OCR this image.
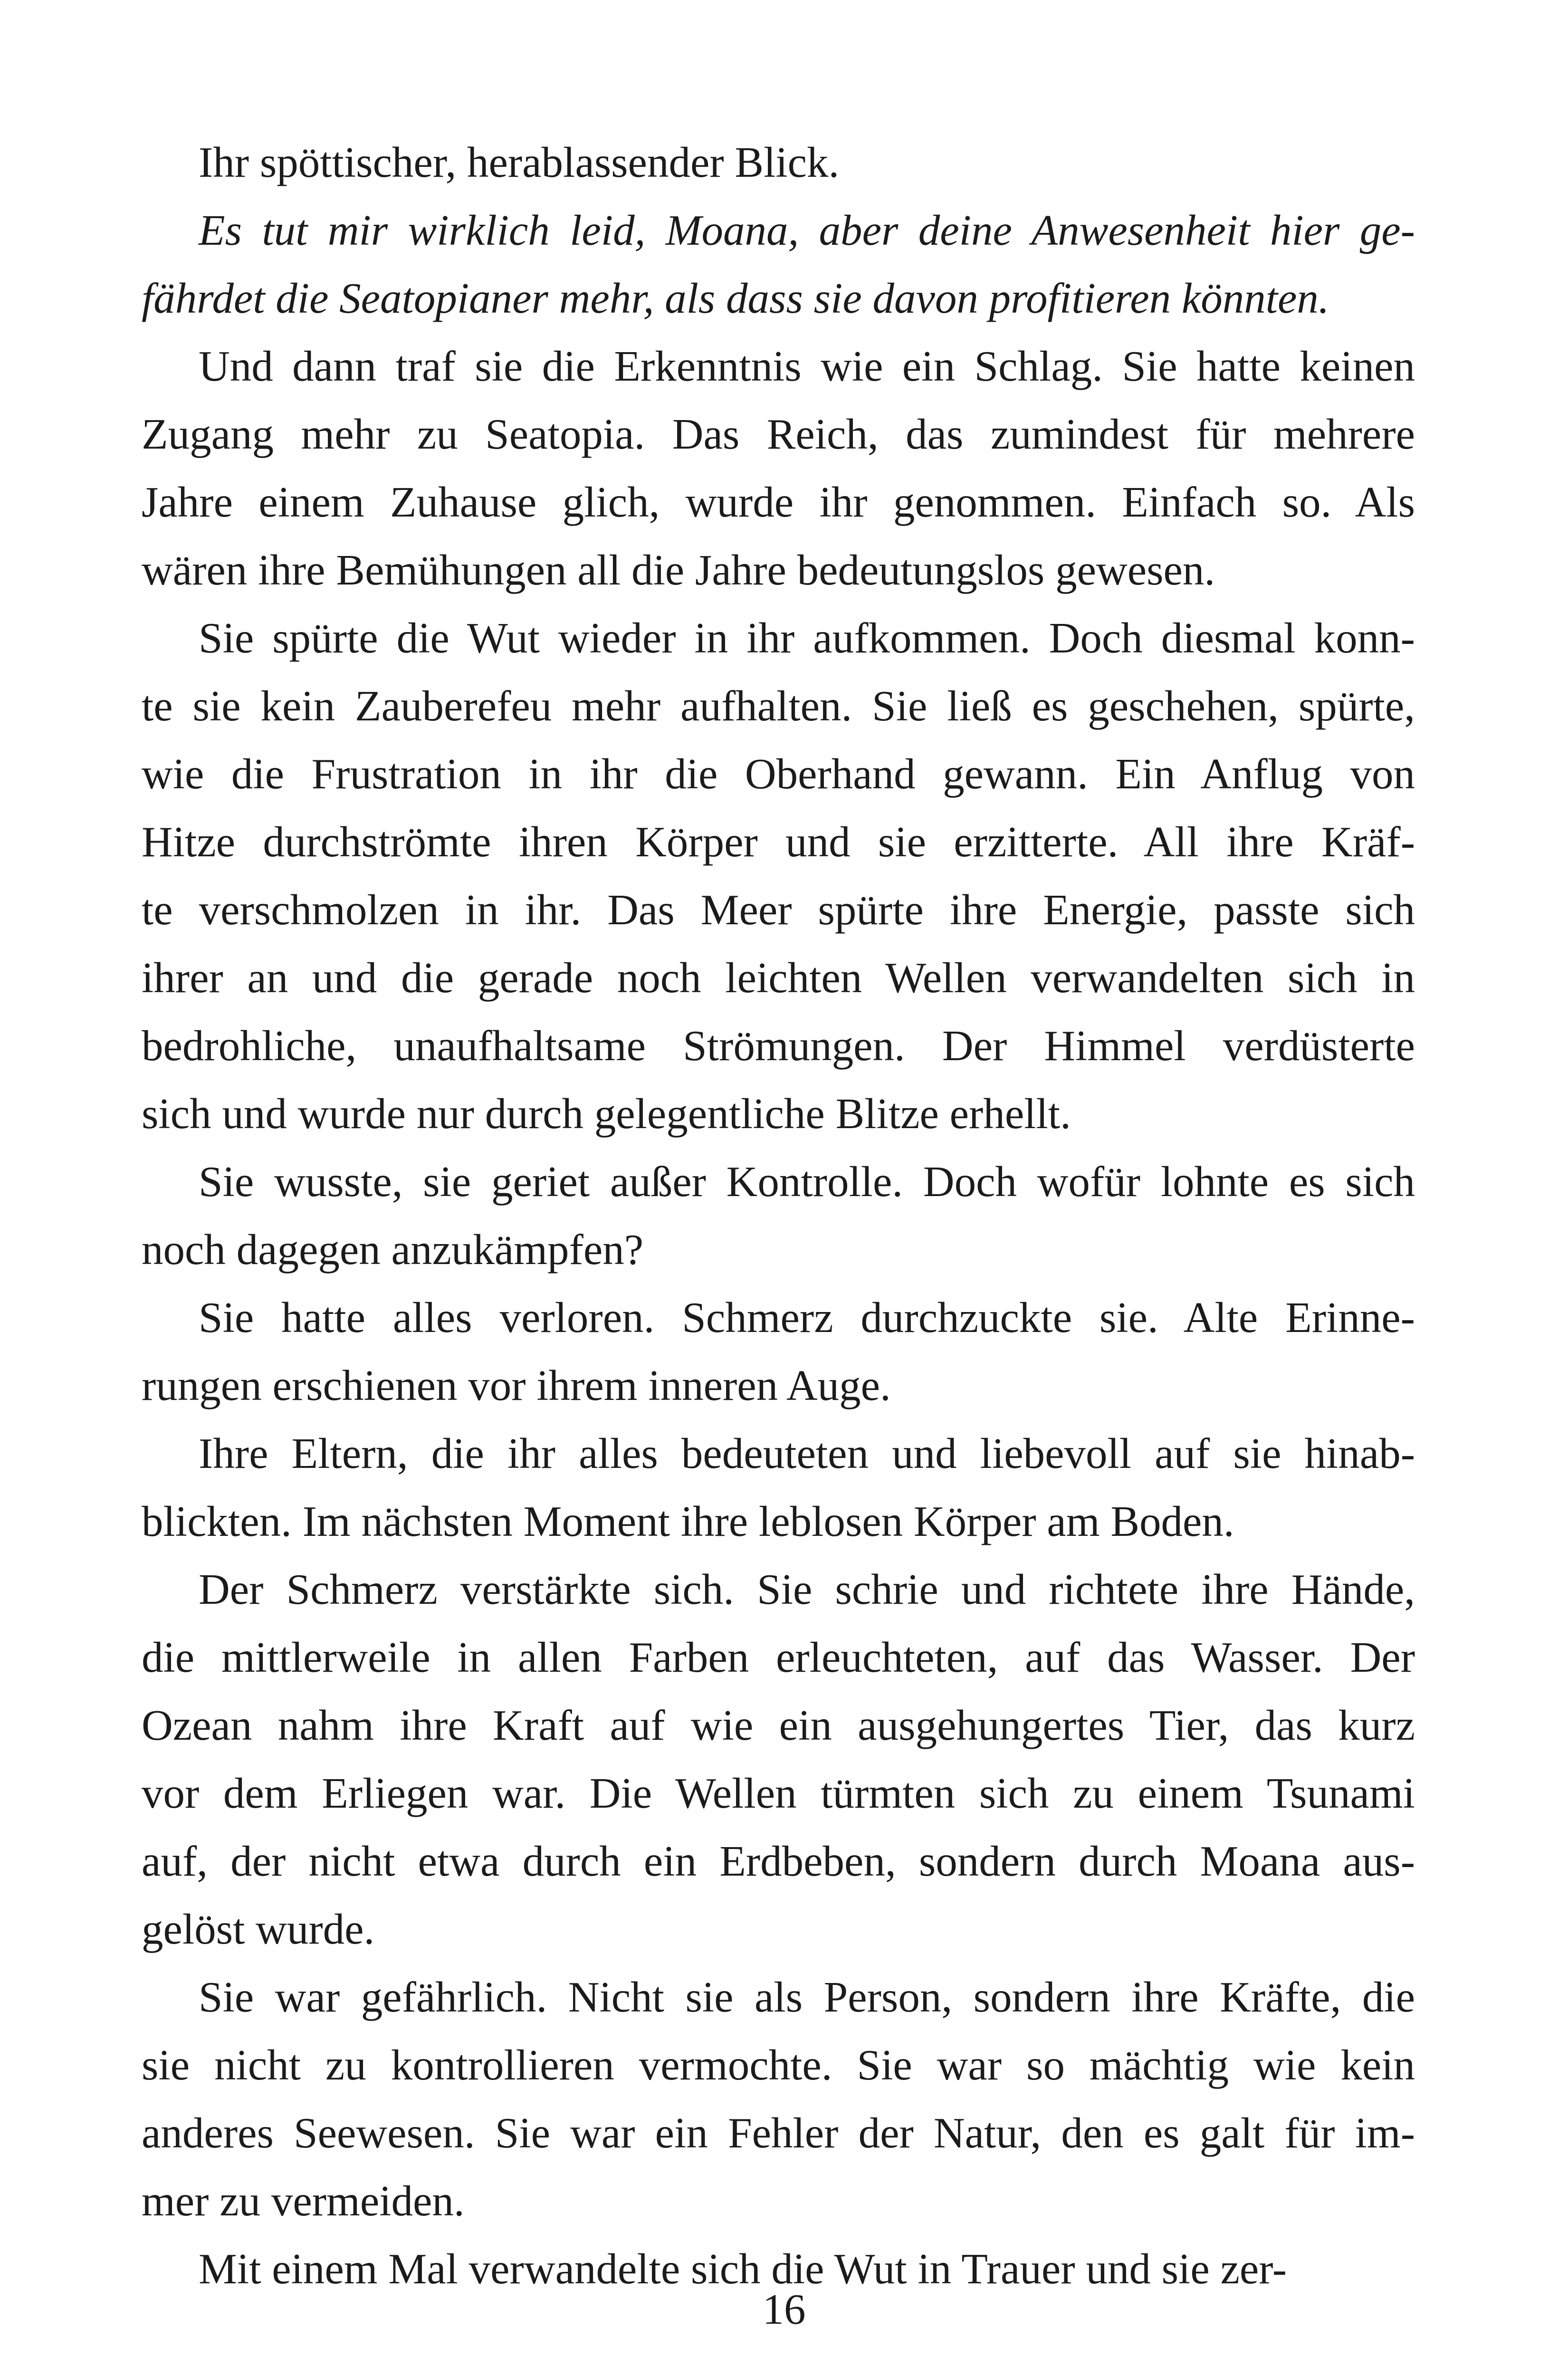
Ihr spöttischer, herablassender Blick.
Es tut mir wirklich leid, Moana, aber deine Anwesenheit hier ge-
fährdet die Seatopianer mehr, als dass sie davon profitieren könnten.
Und dann traf sie die Erkenntnis wie ein Schlag. Sie hatte keinen
Zugang mehr zu Seatopia. Das Reich, das zumindest für mehrere
Jahre einem Zuhause glich, wurde ihr genommen. Einfach so. Als
wären ihre Bemühungen all die Jahre bedeutungslos gewesen.
Sie spürte die Wut wieder in ihr aufkommen. Doch diesmal konn-
te sie kein Zauberefeu mehr aufhalten. Sie ließ es geschehen, spürte,
wie die Frustration in ihr die Oberhand gewann. Ein Anflug von
Hitze durchströmte ihren Körper und sie erzitterte. All ihre Kräf-
te verschmolzen in ihr. Das Meer spürte ihre Energie, passte sich
ihrer an und die gerade noch leichten Wellen verwandelten sich in
bedrohliche, unaufhaltsame Strömungen. Der Himmel verdüsterte
sich und wurde nur durch gelegentliche Blitze erhellt.
Sie wusste, sie geriet außer Kontrolle. Doch wofür lohnte es sich
noch dagegen anzukämpfen?
Sie hatte alles verloren. Schmerz durchzuckte sie. Alte Erinne-
rungen erschienen vor ihrem inneren Auge.
Ihre Eltern, die ihr alles bedeuteten und liebevoll auf sie hinab-
blickten. Im nächsten Moment ihre leblosen Körper am Boden.
Der Schmerz verstärkte sich. Sie schrie und richtete ihre Hände,
die mittlerweile in allen Farben erleuchteten, auf das Wasser. Der
Ozean nahm ihre Kraft auf wie ein ausgehungertes Tier, das kurz
vor dem Erliegen war. Die Wellen türmten sich zu einem Tsunami
auf, der nicht etwa durch ein Erdbeben, sondern durch Moana aus-
gelöst wurde.
Sie war gefährlich. Nicht sie als Person, sondern ihre Kräfte, die
sie nicht zu kontrollieren vermochte. Sie war so mächtig wie kein
anderes Seewesen. Sie war ein Fehler der Natur, den es galt für im-
mer zu vermeiden.
Mit einem Mal verwandelte sich die Wut in Trauer und sie zer-
16
